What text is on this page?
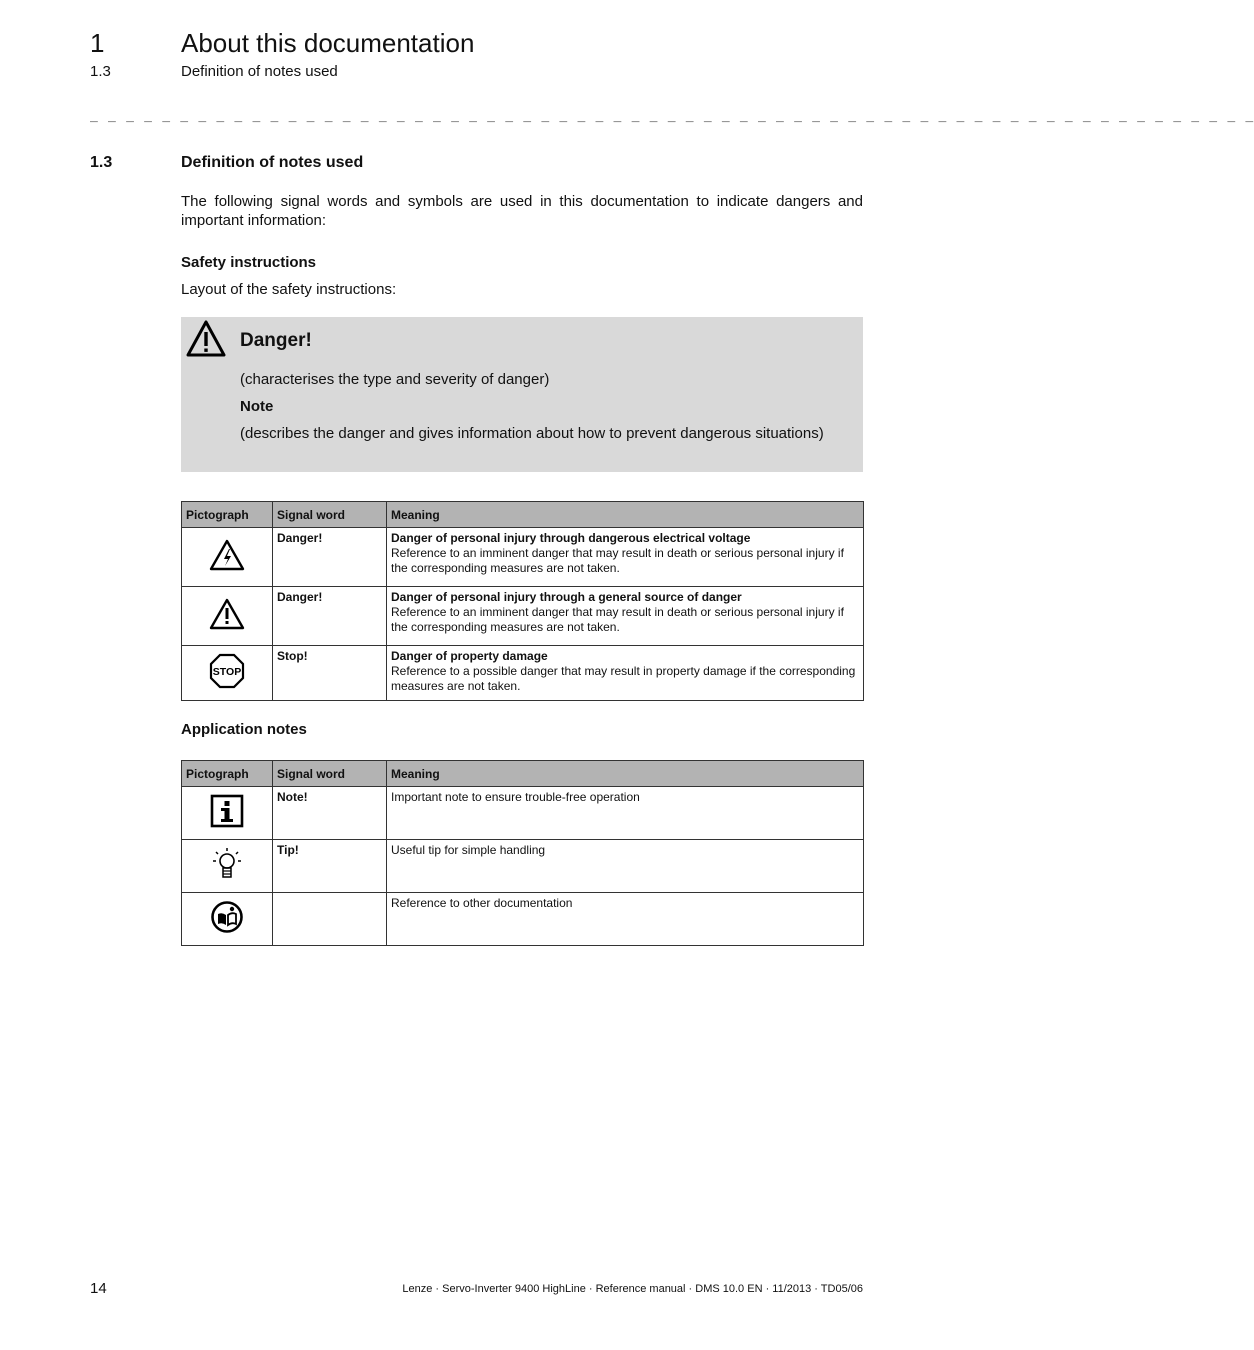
1	About this documentation
1.3	Definition of notes used
_ _ _ _ _ _ _ _ _ _ _ _ _ _ _ _ _ _ _ _ _ _ _ _ _ _ _ _ _ _ _ _ _ _ _ _ _ _ _ _ _ _ _ _ _ _ _ _ _ _ _ _ _ _ _ _ _ _ _ _ _ _ _ _ _
1.3	Definition of notes used
The following signal words and symbols are used in this documentation to indicate dangers and important information:
Safety instructions
Layout of the safety instructions:
Danger!
(characterises the type and severity of danger)
Note
(describes the danger and gives information about how to prevent dangerous situations)
Pictograph	Signal word	Meaning
	Danger!	Danger of personal injury through dangerous electrical voltage
Reference to an imminent danger that may result in death or serious personal injury if the corresponding measures are not taken.

	Danger!	Danger of personal injury through a general source of danger
Reference to an imminent danger that may result in death or serious personal injury if the corresponding measures are not taken.

STOP	Stop!	Danger of property damage
Reference to a possible danger that may result in property damage if the corresponding measures are not taken.
Application notes
Pictograph	Signal word	Meaning
	Note!	Important note to ensure trouble-free operation
	Tip!	Useful tip for simple handling
		Reference to other documentation
14	Lenze · Servo-Inverter 9400 HighLine · Reference manual · DMS 10.0 EN · 11/2013 · TD05/06
